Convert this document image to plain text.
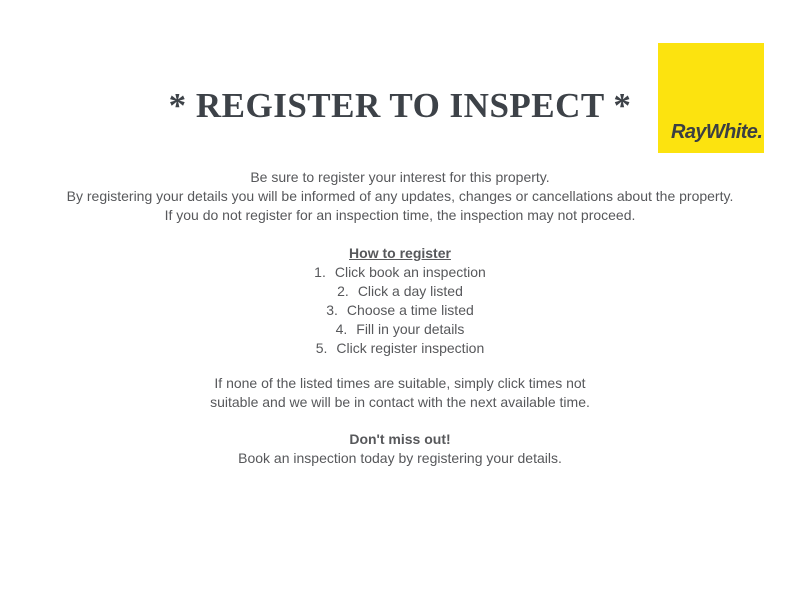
RayWhite.
* REGISTER TO INSPECT *
Be sure to register your interest for this property.
By registering your details you will be informed of any updates, changes or cancellations about the property.
If you do not register for an inspection time, the inspection may not proceed.
How to register
1. Click book an inspection
2. Click a day listed
3. Choose a time listed
4. Fill in your details
5. Click register inspection
If none of the listed times are suitable, simply click times not
suitable and we will be in contact with the next available time.
Don't miss out!
Book an inspection today by registering your details.
